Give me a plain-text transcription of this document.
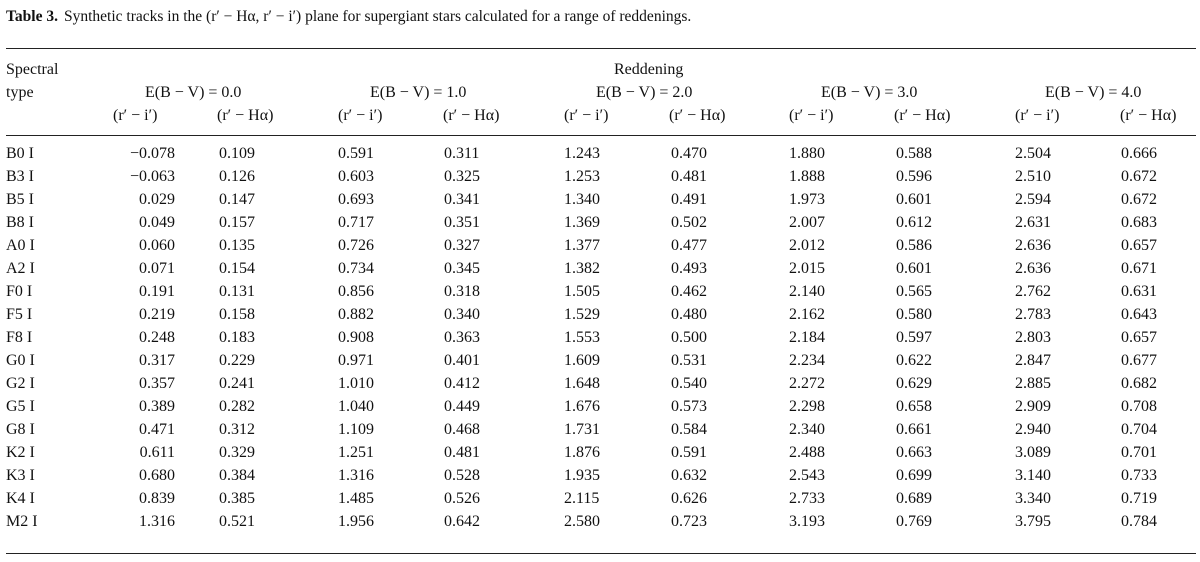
Table 3. Synthetic tracks in the (r′ − Hα, r′ − i′) plane for supergiant stars calculated for a range of reddenings.
Spectral
type
Reddening
E(B − V) = 0.0	E(B − V) = 1.0	E(B − V) = 2.0	E(B − V) = 3.0	E(B − V) = 4.0
(r′ − i′)	(r′ − Hα)	(r′ − i′)	(r′ − Hα)	(r′ − i′)	(r′ − Hα)	(r′ − i′)	(r′ − Hα)	(r′ − i′)	(r′ − Hα)
B0 I	−0.078	0.109	0.591	0.311	1.243	0.470	1.880	0.588	2.504	0.666
B3 I	−0.063	0.126	0.603	0.325	1.253	0.481	1.888	0.596	2.510	0.672
B5 I	0.029	0.147	0.693	0.341	1.340	0.491	1.973	0.601	2.594	0.672
B8 I	0.049	0.157	0.717	0.351	1.369	0.502	2.007	0.612	2.631	0.683
A0 I	0.060	0.135	0.726	0.327	1.377	0.477	2.012	0.586	2.636	0.657
A2 I	0.071	0.154	0.734	0.345	1.382	0.493	2.015	0.601	2.636	0.671
F0 I	0.191	0.131	0.856	0.318	1.505	0.462	2.140	0.565	2.762	0.631
F5 I	0.219	0.158	0.882	0.340	1.529	0.480	2.162	0.580	2.783	0.643
F8 I	0.248	0.183	0.908	0.363	1.553	0.500	2.184	0.597	2.803	0.657
G0 I	0.317	0.229	0.971	0.401	1.609	0.531	2.234	0.622	2.847	0.677
G2 I	0.357	0.241	1.010	0.412	1.648	0.540	2.272	0.629	2.885	0.682
G5 I	0.389	0.282	1.040	0.449	1.676	0.573	2.298	0.658	2.909	0.708
G8 I	0.471	0.312	1.109	0.468	1.731	0.584	2.340	0.661	2.940	0.704
K2 I	0.611	0.329	1.251	0.481	1.876	0.591	2.488	0.663	3.089	0.701
K3 I	0.680	0.384	1.316	0.528	1.935	0.632	2.543	0.699	3.140	0.733
K4 I	0.839	0.385	1.485	0.526	2.115	0.626	2.733	0.689	3.340	0.719
M2 I	1.316	0.521	1.956	0.642	2.580	0.723	3.193	0.769	3.795	0.784
